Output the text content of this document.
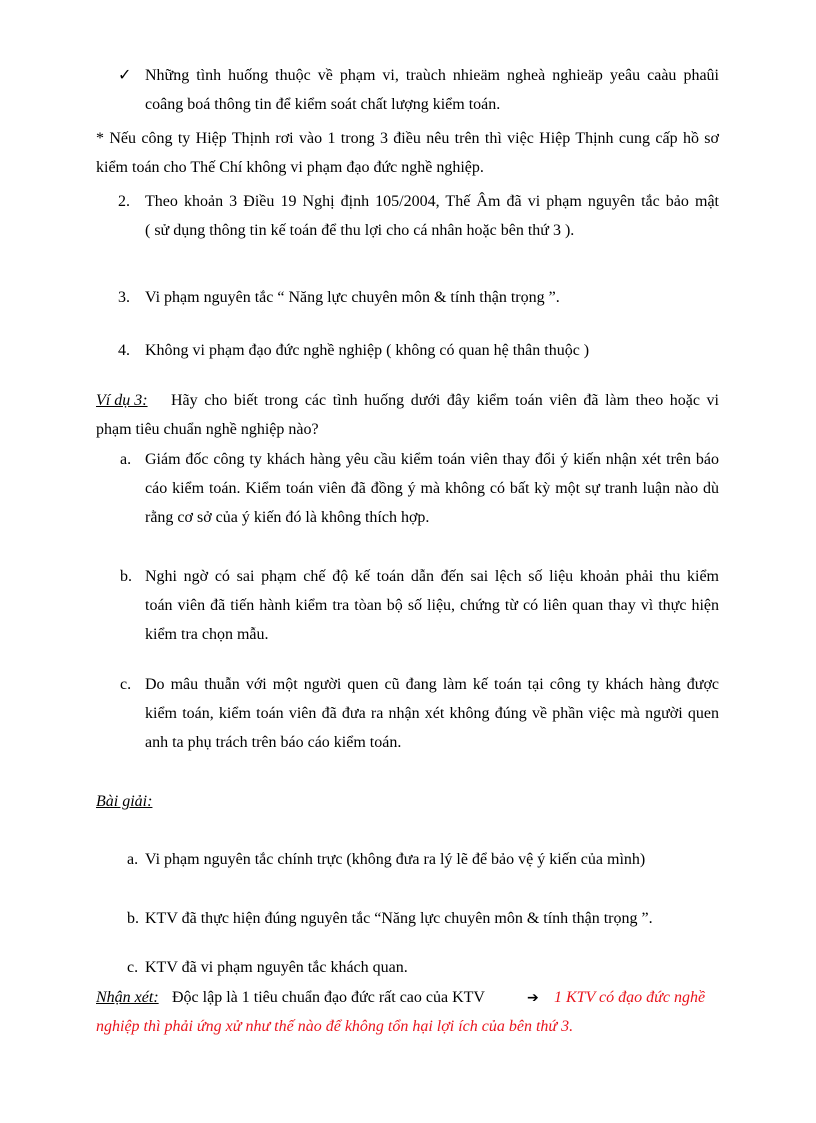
✓ Những tình huống thuộc về phạm vi, traùch nhieäm ngheà nghieäp yeâu caàu phaûi
coâng boá thông tin để kiểm soát chất lượng kiểm toán.
* Nếu công ty Hiệp Thịnh rơi vào 1 trong 3 điều nêu trên thì việc Hiệp Thịnh cung cấp hồ sơ
kiểm toán cho Thế Chí không vi phạm đạo đức nghề nghiệp.
2. Theo khoản 3 Điều 19 Nghị định 105/2004, Thế Âm đã vi phạm nguyên tắc bảo mật
( sử dụng thông tin kế toán để thu lợi cho cá nhân hoặc bên thứ 3 ).
3. Vi phạm nguyên tắc “ Năng lực chuyên môn & tính thận trọng ”.
4. Không vi phạm đạo đức nghề nghiệp ( không có quan hệ thân thuộc )
Ví dụ 3: Hãy cho biết trong các tình huống dưới đây kiểm toán viên đã làm theo hoặc vi
phạm tiêu chuẩn nghề nghiệp nào?
a. Giám đốc công ty khách hàng yêu cầu kiểm toán viên thay đổi ý kiến nhận xét trên báo
cáo kiểm toán. Kiểm toán viên đã đồng ý mà không có bất kỳ một sự tranh luận nào dù
rằng cơ sở của ý kiến đó là không thích hợp.
b. Nghi ngờ có sai phạm chế độ kế toán dẫn đến sai lệch số liệu khoản phải thu kiểm
toán viên đã tiến hành kiểm tra tòan bộ số liệu, chứng từ có liên quan thay vì thực hiện
kiểm tra chọn mẫu.
c. Do mâu thuẫn với một người quen cũ đang làm kế toán tại công ty khách hàng được
kiểm toán, kiểm toán viên đã đưa ra nhận xét không đúng về phần việc mà người quen
anh ta phụ trách trên báo cáo kiểm toán.
Bài giải:
a. Vi phạm nguyên tắc chính trực (không đưa ra lý lẽ để bảo vệ ý kiến của mình)
b. KTV đã thực hiện đúng nguyên tắc “Năng lực chuyên môn & tính thận trọng ”.
c. KTV đã vi phạm nguyên tắc khách quan.
Nhận xét: Độc lập là 1 tiêu chuẩn đạo đức rất cao của KTV	➔ 1 KTV có đạo đức nghề
nghiệp thì phải ứng xử như thế nào để không tổn hại lợi ích của bên thứ 3.
